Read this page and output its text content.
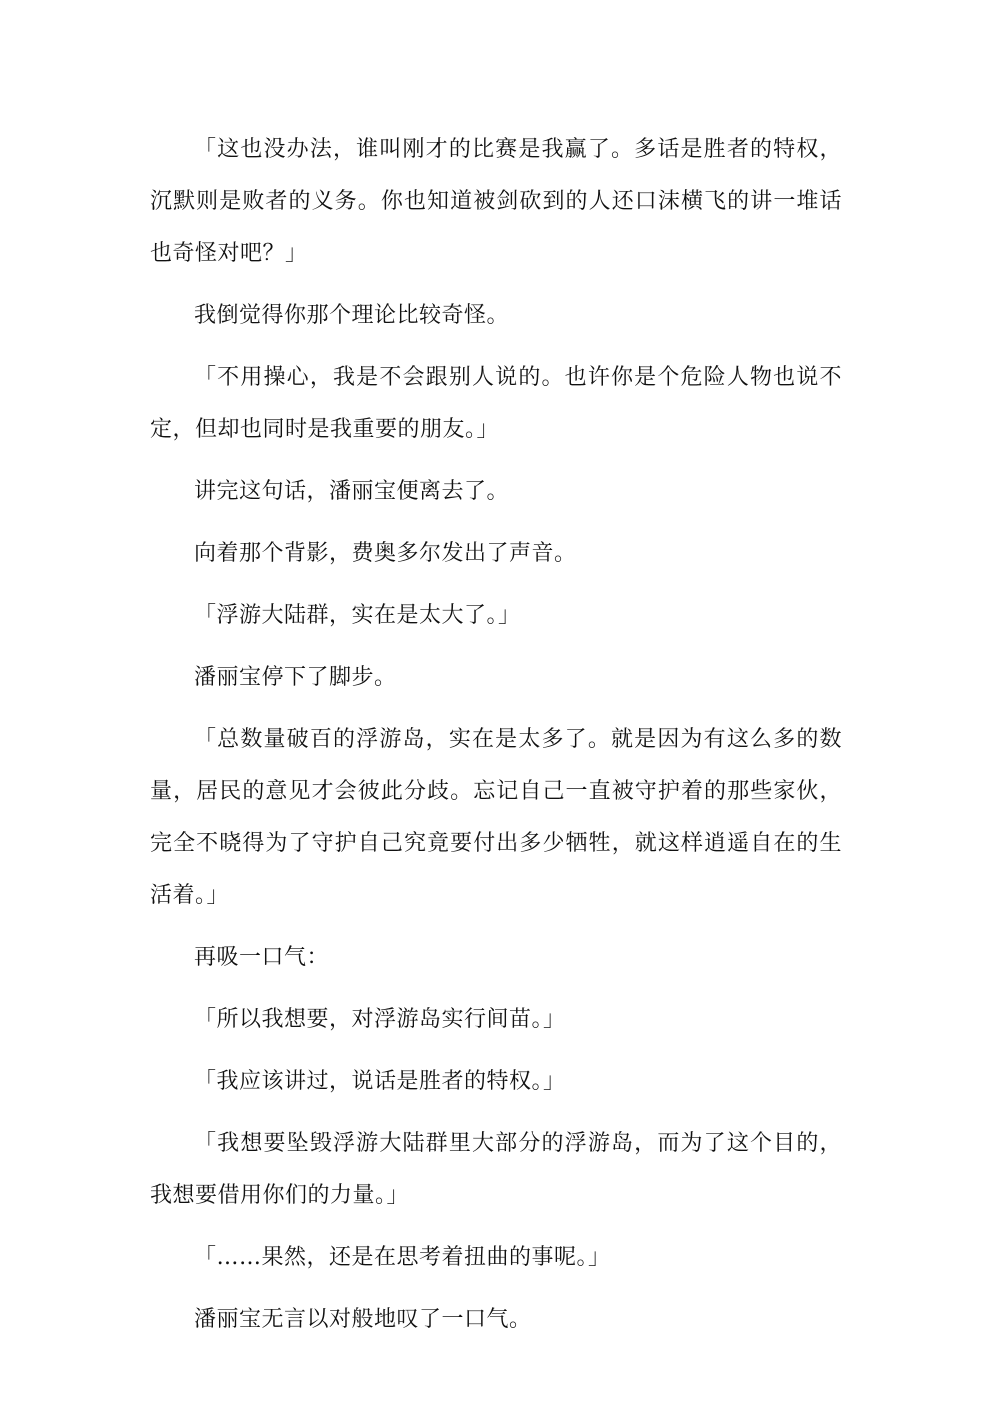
「这也没办法，谁叫刚才的比赛是我赢了。多话是胜者的特权，沉默则是败者的义务。你也知道被剑砍到的人还口沫横飞的讲一堆话也奇怪对吧？」

我倒觉得你那个理论比较奇怪。

「不用操心，我是不会跟别人说的。也许你是个危险人物也说不定，但却也同时是我重要的朋友。」

讲完这句话，潘丽宝便离去了。

向着那个背影，费奥多尔发出了声音。

「浮游大陆群，实在是太大了。」

潘丽宝停下了脚步。

「总数量破百的浮游岛，实在是太多了。就是因为有这么多的数量，居民的意见才会彼此分歧。忘记自己一直被守护着的那些家伙，完全不晓得为了守护自己究竟要付出多少牺牲，就这样逍遥自在的生活着。」

再吸一口气：

「所以我想要，对浮游岛实行间苗。」

「我应该讲过，说话是胜者的特权。」

「我想要坠毁浮游大陆群里大部分的浮游岛，而为了这个目的，我想要借用你们的力量。」

「……果然，还是在思考着扭曲的事呢。」

潘丽宝无言以对般地叹了一口气。
